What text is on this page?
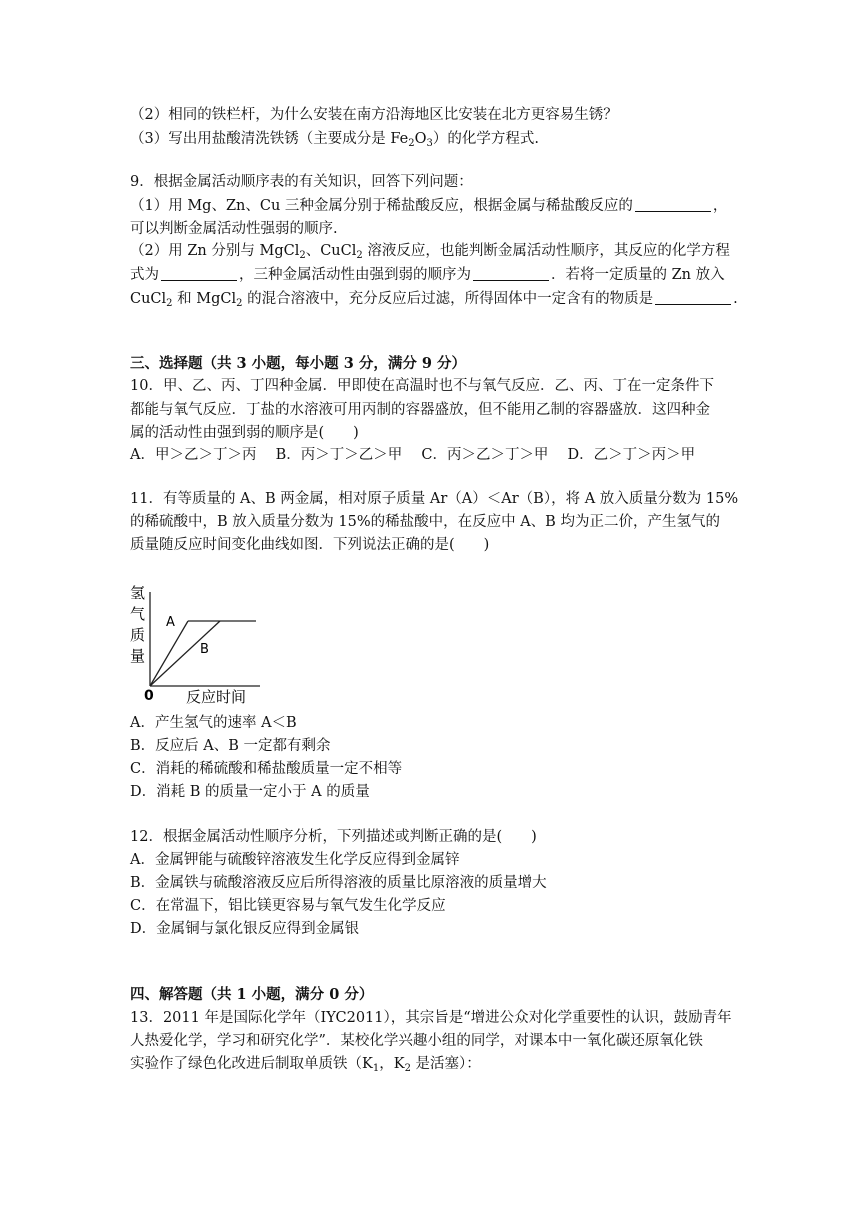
（2）相同的铁栏杆，为什么安装在南方沿海地区比安装在北方更容易生锈？
（3）写出用盐酸清洗铁锈（主要成分是 $Fe_2O_3$）的化学方程式.
9．根据金属活动顺序表的有关知识，回答下列问题：
（1）用 Mg、Zn、Cu 三种金属分别于稀盐酸反应，根据金属与稀盐酸反应的	，
可以判断金属活动性强弱的顺序.
（2）用 Zn 分别与 MgCl$_2$、CuCl$_2$ 溶液反应，也能判断金属活动性顺序，其反应的化学方程
式为	，三种金属活动性由强到弱的顺序为	．若将一定质量的 Zn 放入
CuCl$_2$ 和 MgCl$_2$ 的混合溶液中，充分反应后过滤，所得固体中一定含有的物质是	.
三、选择题（共 3 小题，每小题 3 分，满分 9 分）
10．甲、乙、丙、丁四种金属．甲即使在高温时也不与氧气反应．乙、丙、丁在一定条件下
都能与氧气反应．丁盐的水溶液可用丙制的容器盛放，但不能用乙制的容器盛放．这四种金
属的活动性由强到弱的顺序是(　　)
A．甲＞乙＞丁＞丙　 B．丙＞丁＞乙＞甲　 C．丙＞乙＞丁＞甲　 D．乙＞丁＞丙＞甲
11．有等质量的 A、B 两金属，相对原子质量 Ar（A）＜Ar（B），将 A 放入质量分数为 15%
的稀硫酸中，B 放入质量分数为 15%的稀盐酸中，在反应中 A、B 均为正二价，产生氢气的
质量随反应时间变化曲线如图．下列说法正确的是(　　)
氢
气
质
量
0 反应时间
A
B
A．产生氢气的速率 A＜B
B．反应后 A、B 一定都有剩余
C．消耗的稀硫酸和稀盐酸质量一定不相等
D．消耗 B 的质量一定小于 A 的质量
12．根据金属活动性顺序分析，下列描述或判断正确的是(　　)
A．金属钾能与硫酸锌溶液发生化学反应得到金属锌
B．金属铁与硫酸溶液反应后所得溶液的质量比原溶液的质量增大
C．在常温下，铝比镁更容易与氧气发生化学反应
D．金属铜与氯化银反应得到金属银
四、解答题（共 1 小题，满分 0 分）
13．2011 年是国际化学年（IYC2011），其宗旨是“增进公众对化学重要性的认识，鼓励青年
人热爱化学，学习和研究化学”．某校化学兴趣小组的同学，对课本中一氧化碳还原氧化铁
实验作了绿色化改进后制取单质铁（$K_1$，$K_2$ 是活塞）：
